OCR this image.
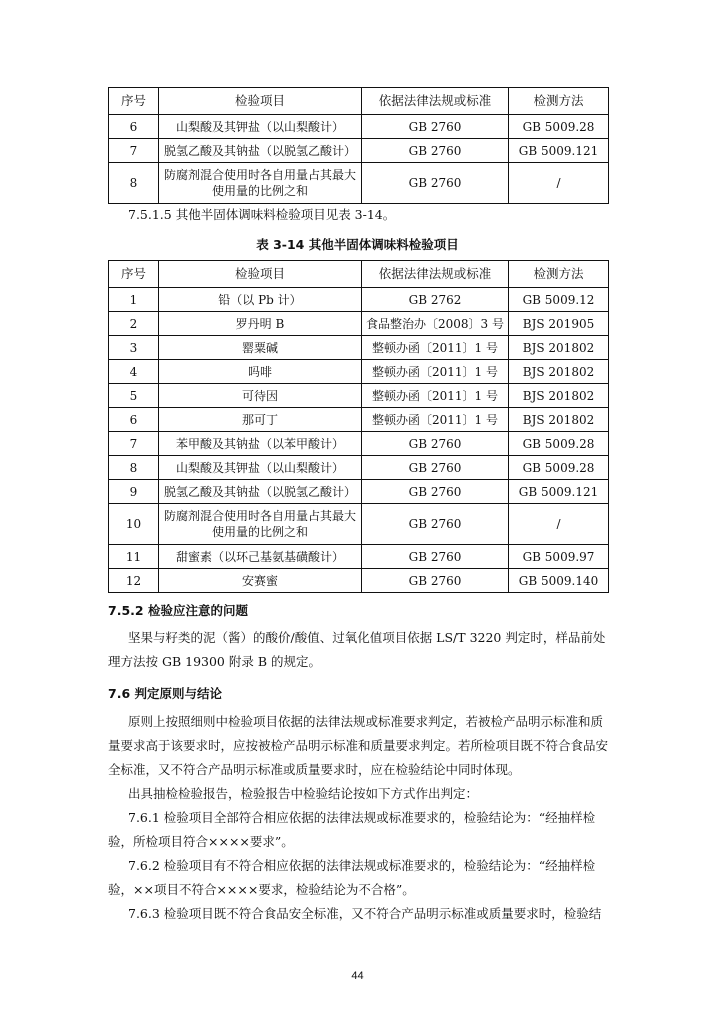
序号	检验项目	依据法律法规或标准	检测方法
6	山梨酸及其钾盐（以山梨酸计）	GB 2760	GB 5009.28
7	脱氢乙酸及其钠盐（以脱氢乙酸计）	GB 2760	GB 5009.121
8	防腐剂混合使用时各自用量占其最大使用量的比例之和	GB 2760	/
7.5.1.5 其他半固体调味料检验项目见表 3-14。
表 3-14 其他半固体调味料检验项目
序号	检验项目	依据法律法规或标准	检测方法
1	铅（以 Pb 计）	GB 2762	GB 5009.12
2	罗丹明 B	食品整治办〔2008〕3 号	BJS 201905
3	罂粟碱	整顿办函〔2011〕1 号	BJS 201802
4	吗啡	整顿办函〔2011〕1 号	BJS 201802
5	可待因	整顿办函〔2011〕1 号	BJS 201802
6	那可丁	整顿办函〔2011〕1 号	BJS 201802
7	苯甲酸及其钠盐（以苯甲酸计）	GB 2760	GB 5009.28
8	山梨酸及其钾盐（以山梨酸计）	GB 2760	GB 5009.28
9	脱氢乙酸及其钠盐（以脱氢乙酸计）	GB 2760	GB 5009.121
10	防腐剂混合使用时各自用量占其最大使用量的比例之和	GB 2760	/
11	甜蜜素（以环己基氨基磺酸计）	GB 2760	GB 5009.97
12	安赛蜜	GB 2760	GB 5009.140
7.5.2 检验应注意的问题
坚果与籽类的泥（酱）的酸价/酸值、过氧化值项目依据 LS/T 3220 判定时，样品前处
理方法按 GB 19300 附录 B 的规定。
7.6 判定原则与结论
原则上按照细则中检验项目依据的法律法规或标准要求判定，若被检产品明示标准和质
量要求高于该要求时，应按被检产品明示标准和质量要求判定。若所检项目既不符合食品安
全标准，又不符合产品明示标准或质量要求时，应在检验结论中同时体现。
出具抽检检验报告，检验报告中检验结论按如下方式作出判定：
7.6.1 检验项目全部符合相应依据的法律法规或标准要求的，检验结论为：“经抽样检
验，所检项目符合××××要求”。
7.6.2 检验项目有不符合相应依据的法律法规或标准要求的，检验结论为：“经抽样检
验，××项目不符合××××要求，检验结论为不合格”。
7.6.3 检验项目既不符合食品安全标准，又不符合产品明示标准或质量要求时，检验结
44
